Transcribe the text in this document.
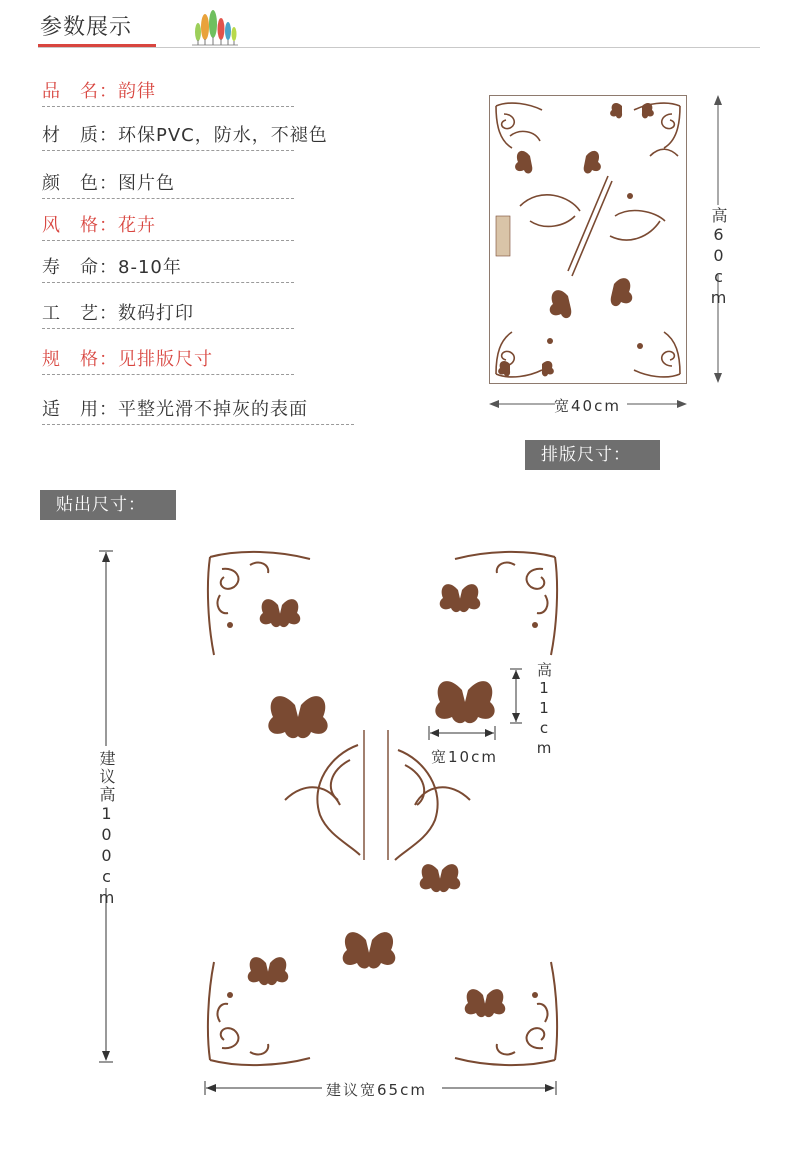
参数展示
品　名：韵律
材　质：环保PVC，防水，不褪色
颜　色：图片色
风　格：花卉
寿　命：8-10年
工　艺：数码打印
规　格：见排版尺寸
适　用：平整光滑不掉灰的表面
高60cm
宽40cm
排版尺寸：
贴出尺寸：
高11cm
宽10cm
建议高100cm
建议宽65cm
